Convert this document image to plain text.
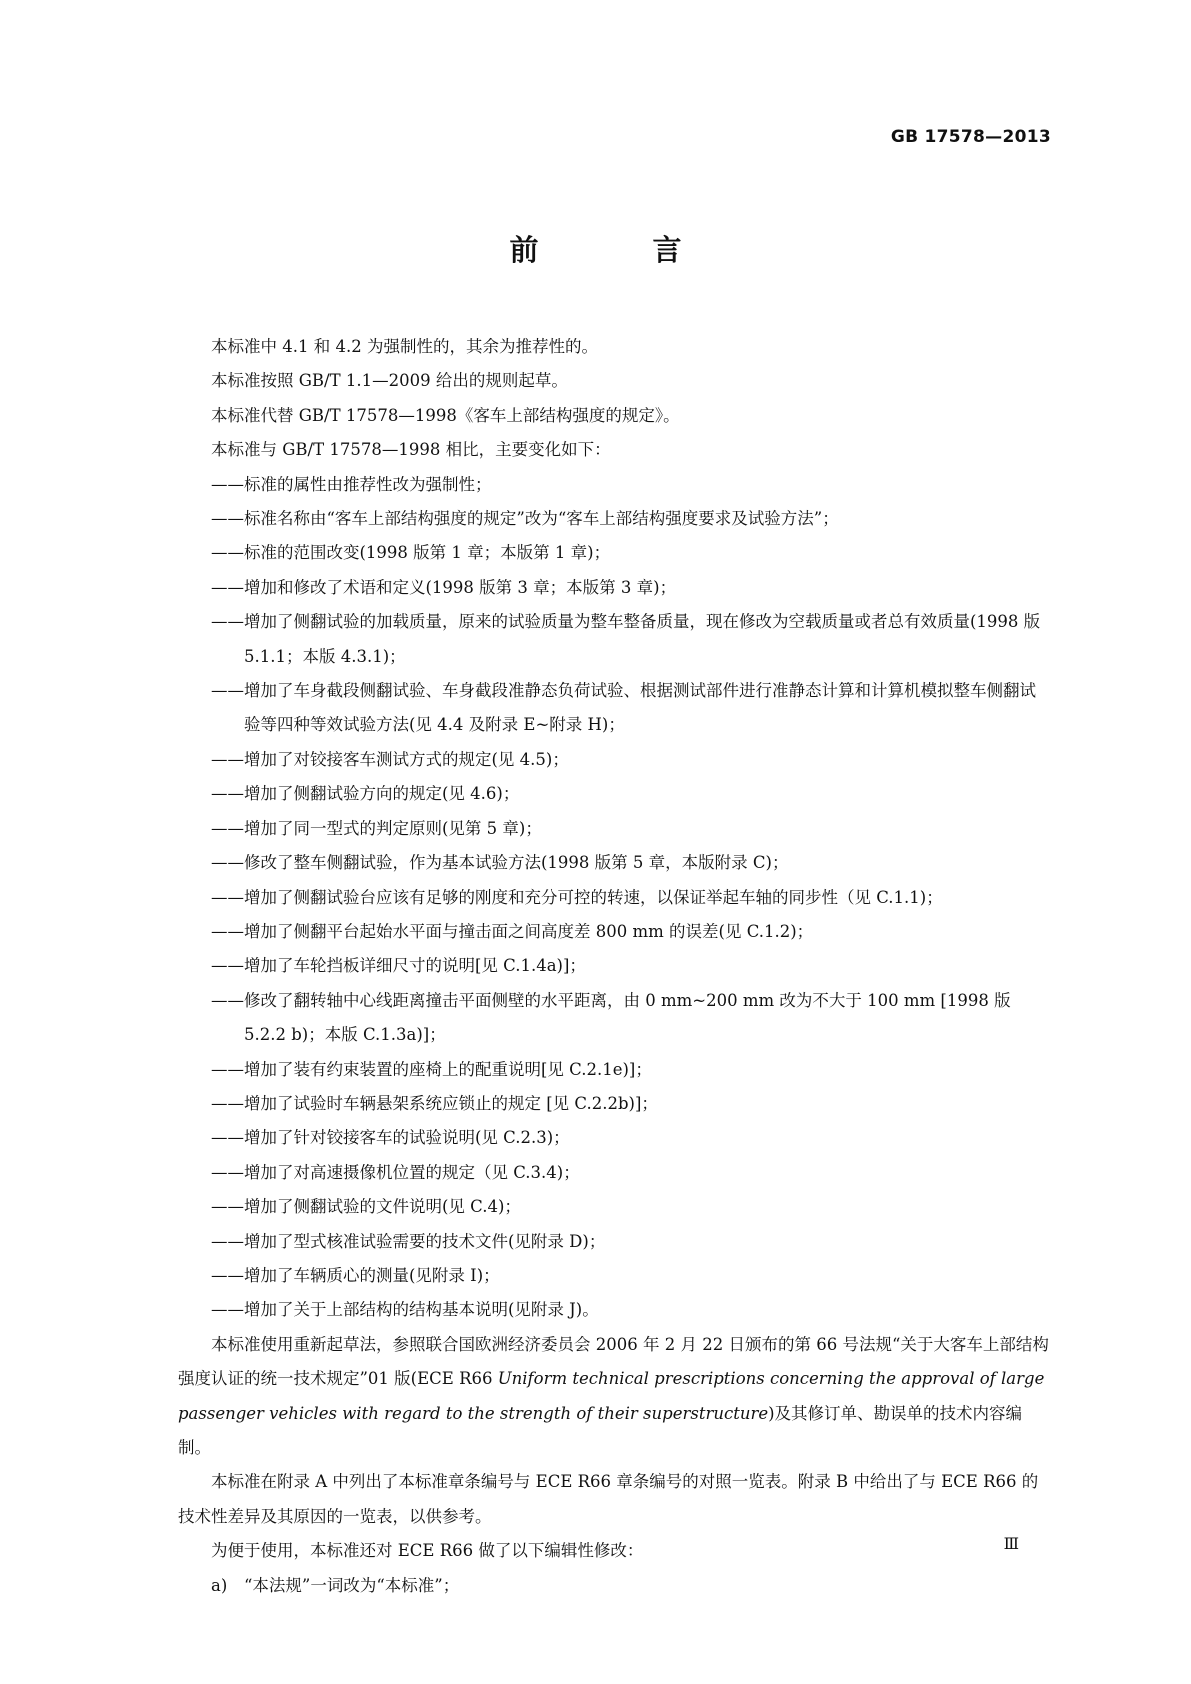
GB 17578—2013
前 言

本标准中 4.1 和 4.2 为强制性的，其余为推荐性的。

本标准按照 GB/T 1.1—2009 给出的规则起草。

本标准代替 GB/T 17578—1998《客车上部结构强度的规定》。

本标准与 GB/T 17578—1998 相比，主要变化如下：

——标准的属性由推荐性改为强制性；
——标准名称由“客车上部结构强度的规定”改为“客车上部结构强度要求及试验方法”；
——标准的范围改变(1998 版第 1 章；本版第 1 章)；
——增加和修改了术语和定义(1998 版第 3 章；本版第 3 章)；
——增加了侧翻试验的加载质量，原来的试验质量为整车整备质量，现在修改为空载质量或者总有效质量(1998 版 5.1.1；本版 4.3.1)；
——增加了车身截段侧翻试验、车身截段准静态负荷试验、根据测试部件进行准静态计算和计算机模拟整车侧翻试验等四种等效试验方法(见 4.4 及附录 E~附录 H)；
——增加了对铰接客车测试方式的规定(见 4.5)；
——增加了侧翻试验方向的规定(见 4.6)；
——增加了同一型式的判定原则(见第 5 章)；
——修改了整车侧翻试验，作为基本试验方法(1998 版第 5 章，本版附录 C)；
——增加了侧翻试验台应该有足够的刚度和充分可控的转速，以保证举起车轴的同步性（见 C.1.1)；
——增加了侧翻平台起始水平面与撞击面之间高度差 800 mm 的误差(见 C.1.2)；
——增加了车轮挡板详细尺寸的说明[见 C.1.4a)]；
——修改了翻转轴中心线距离撞击平面侧壁的水平距离，由 0 mm~200 mm 改为不大于 100 mm [1998 版 5.2.2 b)；本版 C.1.3a)]；
——增加了装有约束装置的座椅上的配重说明[见 C.2.1e)]；
——增加了试验时车辆悬架系统应锁止的规定 [见 C.2.2b)]；
——增加了针对铰接客车的试验说明(见 C.2.3)；
——增加了对高速摄像机位置的规定（见 C.3.4)；
——增加了侧翻试验的文件说明(见 C.4)；
——增加了型式核准试验需要的技术文件(见附录 D)；
——增加了车辆质心的测量(见附录 I)；
——增加了关于上部结构的结构基本说明(见附录 J)。

本标准使用重新起草法，参照联合国欧洲经济委员会 2006 年 2 月 22 日颁布的第 66 号法规“关于大客车上部结构强度认证的统一技术规定”01 版(ECE R66 Uniform technical prescriptions concerning the approval of large passenger vehicles with regard to the strength of their superstructure)及其修订单、勘误单的技术内容编制。

本标准在附录 A 中列出了本标准章条编号与 ECE R66 章条编号的对照一览表。附录 B 中给出了与 ECE R66 的技术性差异及其原因的一览表，以供参考。

为便于使用，本标准还对 ECE R66 做了以下编辑性修改：

a) “本法规”一词改为“本标准”；
Ⅲ
